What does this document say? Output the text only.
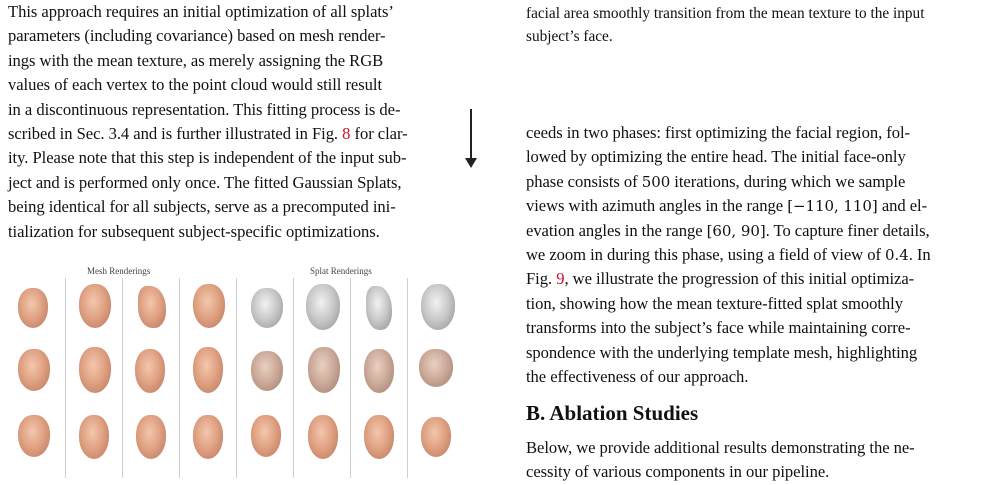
This approach requires an initial optimization of all splats’
parameters (including covariance) based on mesh render-
ings with the mean texture, as merely assigning the RGB
values of each vertex to the point cloud would still result
in a discontinuous representation. This fitting process is de-
scribed in Sec. 3.4 and is further illustrated in Fig. 8 for clar-
ity. Please note that this step is independent of the input sub-
ject and is performed only once. The fitted Gaussian Splats,
being identical for all subjects, serve as a precomputed ini-
tialization for subsequent subject-specific optimizations.
Mesh Renderings	Splat Renderings
facial area smoothly transition from the mean texture to the input
subject’s face.
ceeds in two phases: first optimizing the facial region, fol-
lowed by optimizing the entire head. The initial face-only
phase consists of 500 iterations, during which we sample
views with azimuth angles in the range [−110, 110] and el-
evation angles in the range [60, 90]. To capture finer details,
we zoom in during this phase, using a field of view of 0.4. In
Fig. 9, we illustrate the progression of this initial optimiza-
tion, showing how the mean texture-fitted splat smoothly
transforms into the subject’s face while maintaining corre-
spondence with the underlying template mesh, highlighting
the effectiveness of our approach.
B. Ablation Studies
Below, we provide additional results demonstrating the ne-
cessity of various components in our pipeline.
